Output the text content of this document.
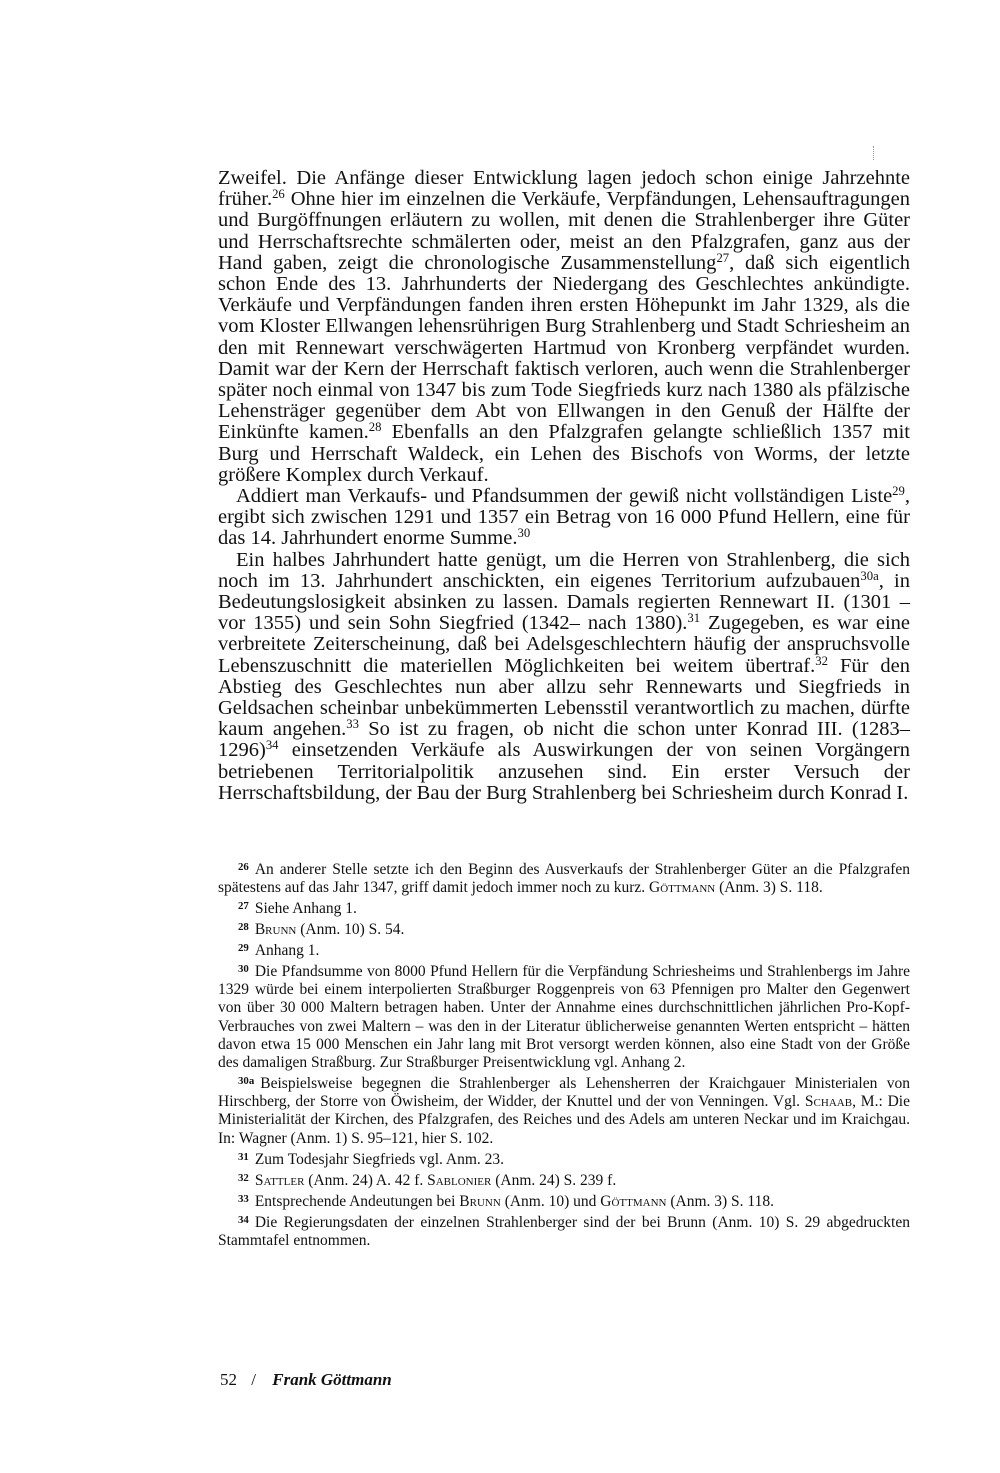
Zweifel. Die Anfänge dieser Entwicklung lagen jedoch schon einige Jahrzehnte früher.$^{26}$ Ohne hier im einzelnen die Verkäufe, Verpfändungen, Lehensauftragungen und Burgöffnungen erläutern zu wollen, mit denen die Strahlenberger ihre Güter und Herrschaftsrechte schmälerten oder, meist an den Pfalzgrafen, ganz aus der Hand gaben, zeigt die chronologische Zusammenstellung$^{27}$, daß sich eigentlich schon Ende des 13. Jahrhunderts der Niedergang des Geschlechtes ankündigte. Verkäufe und Verpfändungen fanden ihren ersten Höhepunkt im Jahr 1329, als die vom Kloster Ellwangen lehensrührigen Burg Strahlenberg und Stadt Schriesheim an den mit Rennewart verschwägerten Hartmud von Kronberg verpfändet wurden. Damit war der Kern der Herrschaft faktisch verloren, auch wenn die Strahlenberger später noch einmal von 1347 bis zum Tode Siegfrieds kurz nach 1380 als pfälzische Lehensträger gegenüber dem Abt von Ellwangen in den Genuß der Hälfte der Einkünfte kamen.$^{28}$ Ebenfalls an den Pfalzgrafen gelangte schließlich 1357 mit Burg und Herrschaft Waldeck, ein Lehen des Bischofs von Worms, der letzte größere Komplex durch Verkauf.

Addiert man Verkaufs- und Pfandsummen der gewiß nicht vollständigen Liste$^{29}$, ergibt sich zwischen 1291 und 1357 ein Betrag von 16 000 Pfund Hellern, eine für das 14. Jahrhundert enorme Summe.$^{30}$

Ein halbes Jahrhundert hatte genügt, um die Herren von Strahlenberg, die sich noch im 13. Jahrhundert anschickten, ein eigenes Territorium aufzubauen$^{30a}$, in Bedeutungslosigkeit absinken zu lassen. Damals regierten Rennewart II. (1301 – vor 1355) und sein Sohn Siegfried (1342– nach 1380).$^{31}$ Zugegeben, es war eine verbreitete Zeiterscheinung, daß bei Adelsgeschlechtern häufig der anspruchsvolle Lebenszuschnitt die materiellen Möglichkeiten bei weitem übertraf.$^{32}$ Für den Abstieg des Geschlechtes nun aber allzu sehr Rennewarts und Siegfrieds in Geldsachen scheinbar unbekümmerten Lebensstil verantwortlich zu machen, dürfte kaum angehen.$^{33}$ So ist zu fragen, ob nicht die schon unter Konrad III. (1283–1296)$^{34}$ einsetzenden Verkäufe als Auswirkungen der von seinen Vorgängern betriebenen Territorialpolitik anzusehen sind. Ein erster Versuch der Herrschaftsbildung, der Bau der Burg Strahlenberg bei Schriesheim durch Konrad I.

$^{26}$ An anderer Stelle setzte ich den Beginn des Ausverkaufs der Strahlenberger Güter an die Pfalzgrafen spätestens auf das Jahr 1347, griff damit jedoch immer noch zu kurz. Göttmann (Anm. 3) S. 118.

$^{27}$ Siehe Anhang 1.

$^{28}$ Brunn (Anm. 10) S. 54.

$^{29}$ Anhang 1.

$^{30}$ Die Pfandsumme von 8000 Pfund Hellern für die Verpfändung Schriesheims und Strahlenbergs im Jahre 1329 würde bei einem interpolierten Straßburger Roggenpreis von 63 Pfennigen pro Malter den Gegenwert von über 30 000 Maltern betragen haben. Unter der Annahme eines durchschnittlichen jährlichen Pro-Kopf-Verbrauches von zwei Maltern – was den in der Literatur üblicherweise genannten Werten entspricht – hätten davon etwa 15 000 Menschen ein Jahr lang mit Brot versorgt werden können, also eine Stadt von der Größe des damaligen Straßburg. Zur Straßburger Preisentwicklung vgl. Anhang 2.

$^{30a}$ Beispielsweise begegnen die Strahlenberger als Lehensherren der Kraichgauer Ministerialen von Hirschberg, der Storre von Öwisheim, der Widder, der Knuttel und der von Venningen. Vgl. Schaab, M.: Die Ministerialität der Kirchen, des Pfalzgrafen, des Reiches und des Adels am unteren Neckar und im Kraichgau. In: Wagner (Anm. 1) S. 95–121, hier S. 102.

$^{31}$ Zum Todesjahr Siegfrieds vgl. Anm. 23.

$^{32}$ Sattler (Anm. 24) A. 42 f. Sablonier (Anm. 24) S. 239 f.

$^{33}$ Entsprechende Andeutungen bei Brunn (Anm. 10) und Göttmann (Anm. 3) S. 118.

$^{34}$ Die Regierungsdaten der einzelnen Strahlenberger sind der bei Brunn (Anm. 10) S. 29 abgedruckten Stammtafel entnommen.

52 / Frank Göttmann
